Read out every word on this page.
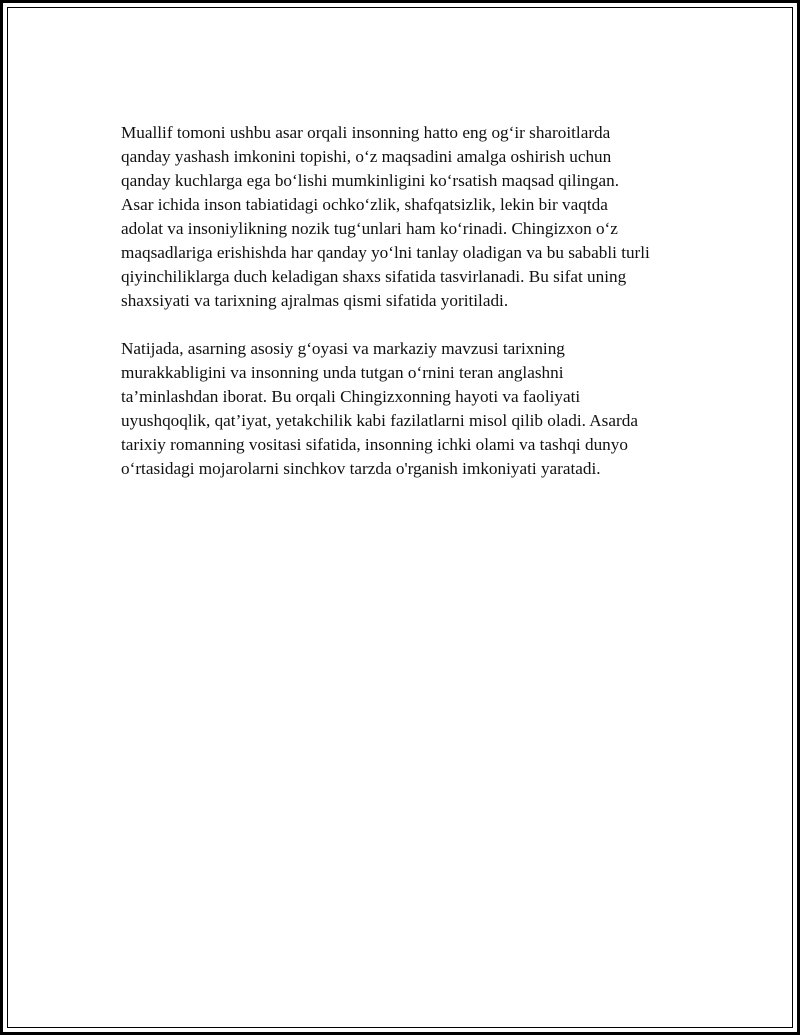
Muallif tomoni ushbu asar orqali insonning hatto eng og‘ir sharoitlarda
qanday yashash imkonini topishi, o‘z maqsadini amalga oshirish uchun
qanday kuchlarga ega bo‘lishi mumkinligini ko‘rsatish maqsad qilingan.
Asar ichida inson tabiatidagi ochko‘zlik, shafqatsizlik, lekin bir vaqtda
adolat va insoniylikning nozik tug‘unlari ham ko‘rinadi. Chingizxon o‘z
maqsadlariga erishishda har qanday yo‘lni tanlay oladigan va bu sababli turli
qiyinchiliklarga duch keladigan shaxs sifatida tasvirlanadi. Bu sifat uning
shaxsiyati va tarixning ajralmas qismi sifatida yoritiladi.

Natijada, asarning asosiy g‘oyasi va markaziy mavzusi tarixning
murakkabligini va insonning unda tutgan o‘rnini teran anglashni
ta’minlashdan iborat. Bu orqali Chingizxonning hayoti va faoliyati
uyushqoqlik, qat’iyat, yetakchilik kabi fazilatlarni misol qilib oladi. Asarda
tarixiy romanning vositasi sifatida, insonning ichki olami va tashqi dunyo
o‘rtasidagi mojarolarni sinchkov tarzda o'rganish imkoniyati yaratadi.
